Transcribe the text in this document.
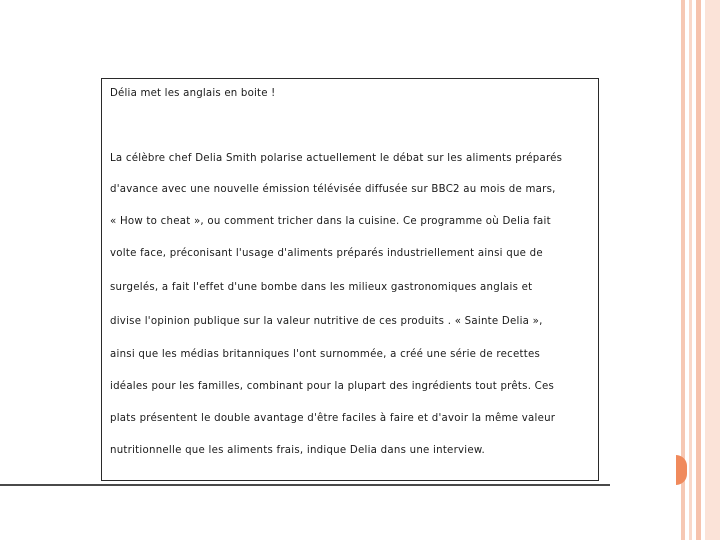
Délia met les anglais en boite !
La célèbre chef Delia Smith polarise actuellement le débat sur les aliments préparés
d'avance avec une nouvelle émission télévisée diffusée sur BBC2 au mois de mars,
« How to cheat », ou comment tricher dans la cuisine. Ce programme où Delia fait
volte face, préconisant l'usage d'aliments préparés industriellement ainsi que de
surgelés, a fait l'effet d'une bombe dans les milieux gastronomiques anglais et
divise l'opinion publique sur la valeur nutritive de ces produits . « Sainte Delia »,
ainsi que les médias britanniques l'ont surnommée, a créé une série de recettes
idéales pour les familles, combinant pour la plupart des ingrédients tout prêts. Ces
plats présentent le double avantage d'être faciles à faire et d'avoir la même valeur
nutritionnelle que les aliments frais, indique Delia dans une interview.
